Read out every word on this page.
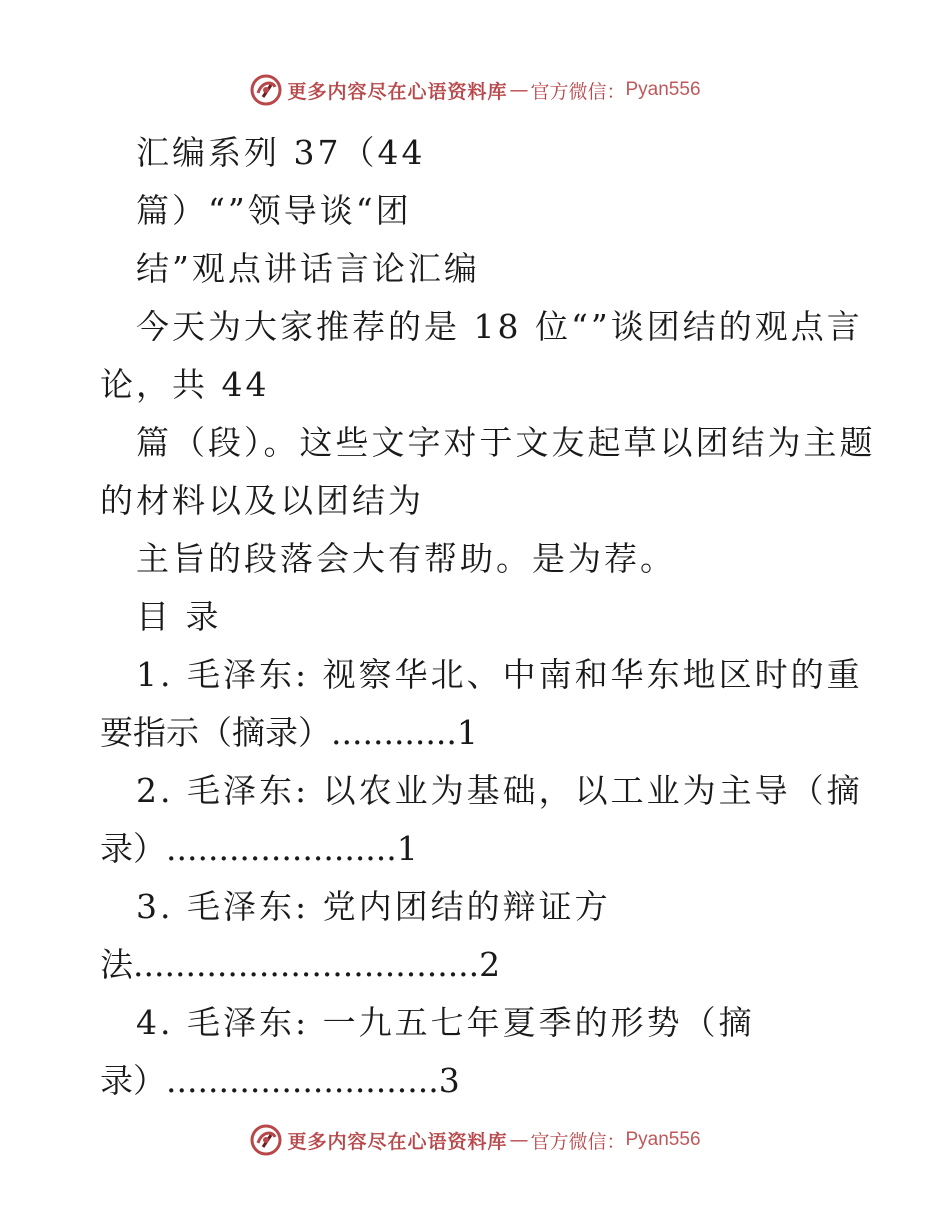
更多内容尽在心语资料库 — 官方微信： Pyan556
汇编系列 37（44
篇）“”领导谈“团
结”观点讲话言论汇编
今天为大家推荐的是 18 位“”谈团结的观点言
论，共 44
篇（段）。这些文字对于文友起草以团结为主题
的材料以及以团结为
主旨的段落会大有帮助。是为荐。
目 录
1. 毛泽东: 视察华北、中南和华东地区时的重
要指示（摘录）............1
2. 毛泽东: 以农业为基础，以工业为主导（摘
录）......................1
3. 毛泽东: 党内团结的辩证方
法.................................2
4. 毛泽东: 一九五七年夏季的形势（摘
录）..........................3
更多内容尽在心语资料库 — 官方微信： Pyan556
